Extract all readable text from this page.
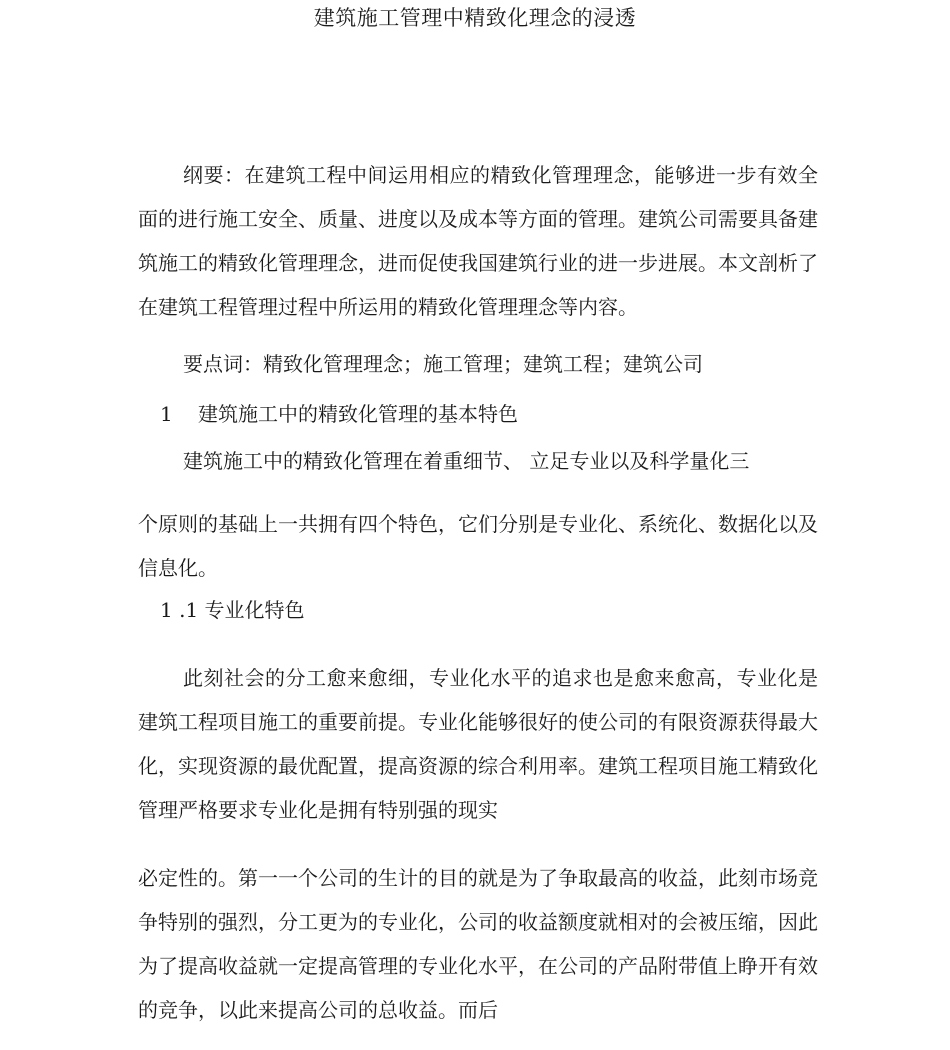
建筑施工管理中精致化理念的浸透
纲要：在建筑工程中间运用相应的精致化管理理念，能够进一步有效全面的进行施工安全、质量、进度以及成本等方面的管理。建筑公司需要具备建筑施工的精致化管理理念，进而促使我国建筑行业的进一步进展。本文剖析了在建筑工程管理过程中所运用的精致化管理理念等内容。
要点词：精致化管理理念；施工管理；建筑工程；建筑公司
1 建筑施工中的精致化管理的基本特色
建筑施工中的精致化管理在着重细节、 立足专业以及科学量化三
个原则的基础上一共拥有四个特色，它们分别是专业化、系统化、数据化以及信息化。
1 .1 专业化特色
此刻社会的分工愈来愈细，专业化水平的追求也是愈来愈高，专业化是建筑工程项目施工的重要前提。专业化能够很好的使公司的有限资源获得最大化，实现资源的最优配置，提高资源的综合利用率。建筑工程项目施工精致化管理严格要求专业化是拥有特别强的现实
必定性的。第一一个公司的生计的目的就是为了争取最高的收益，此刻市场竞争特别的强烈，分工更为的专业化，公司的收益额度就相对的会被压缩，因此为了提高收益就一定提高管理的专业化水平，在公司的产品附带值上睁开有效的竞争，以此来提高公司的总收益。而后
